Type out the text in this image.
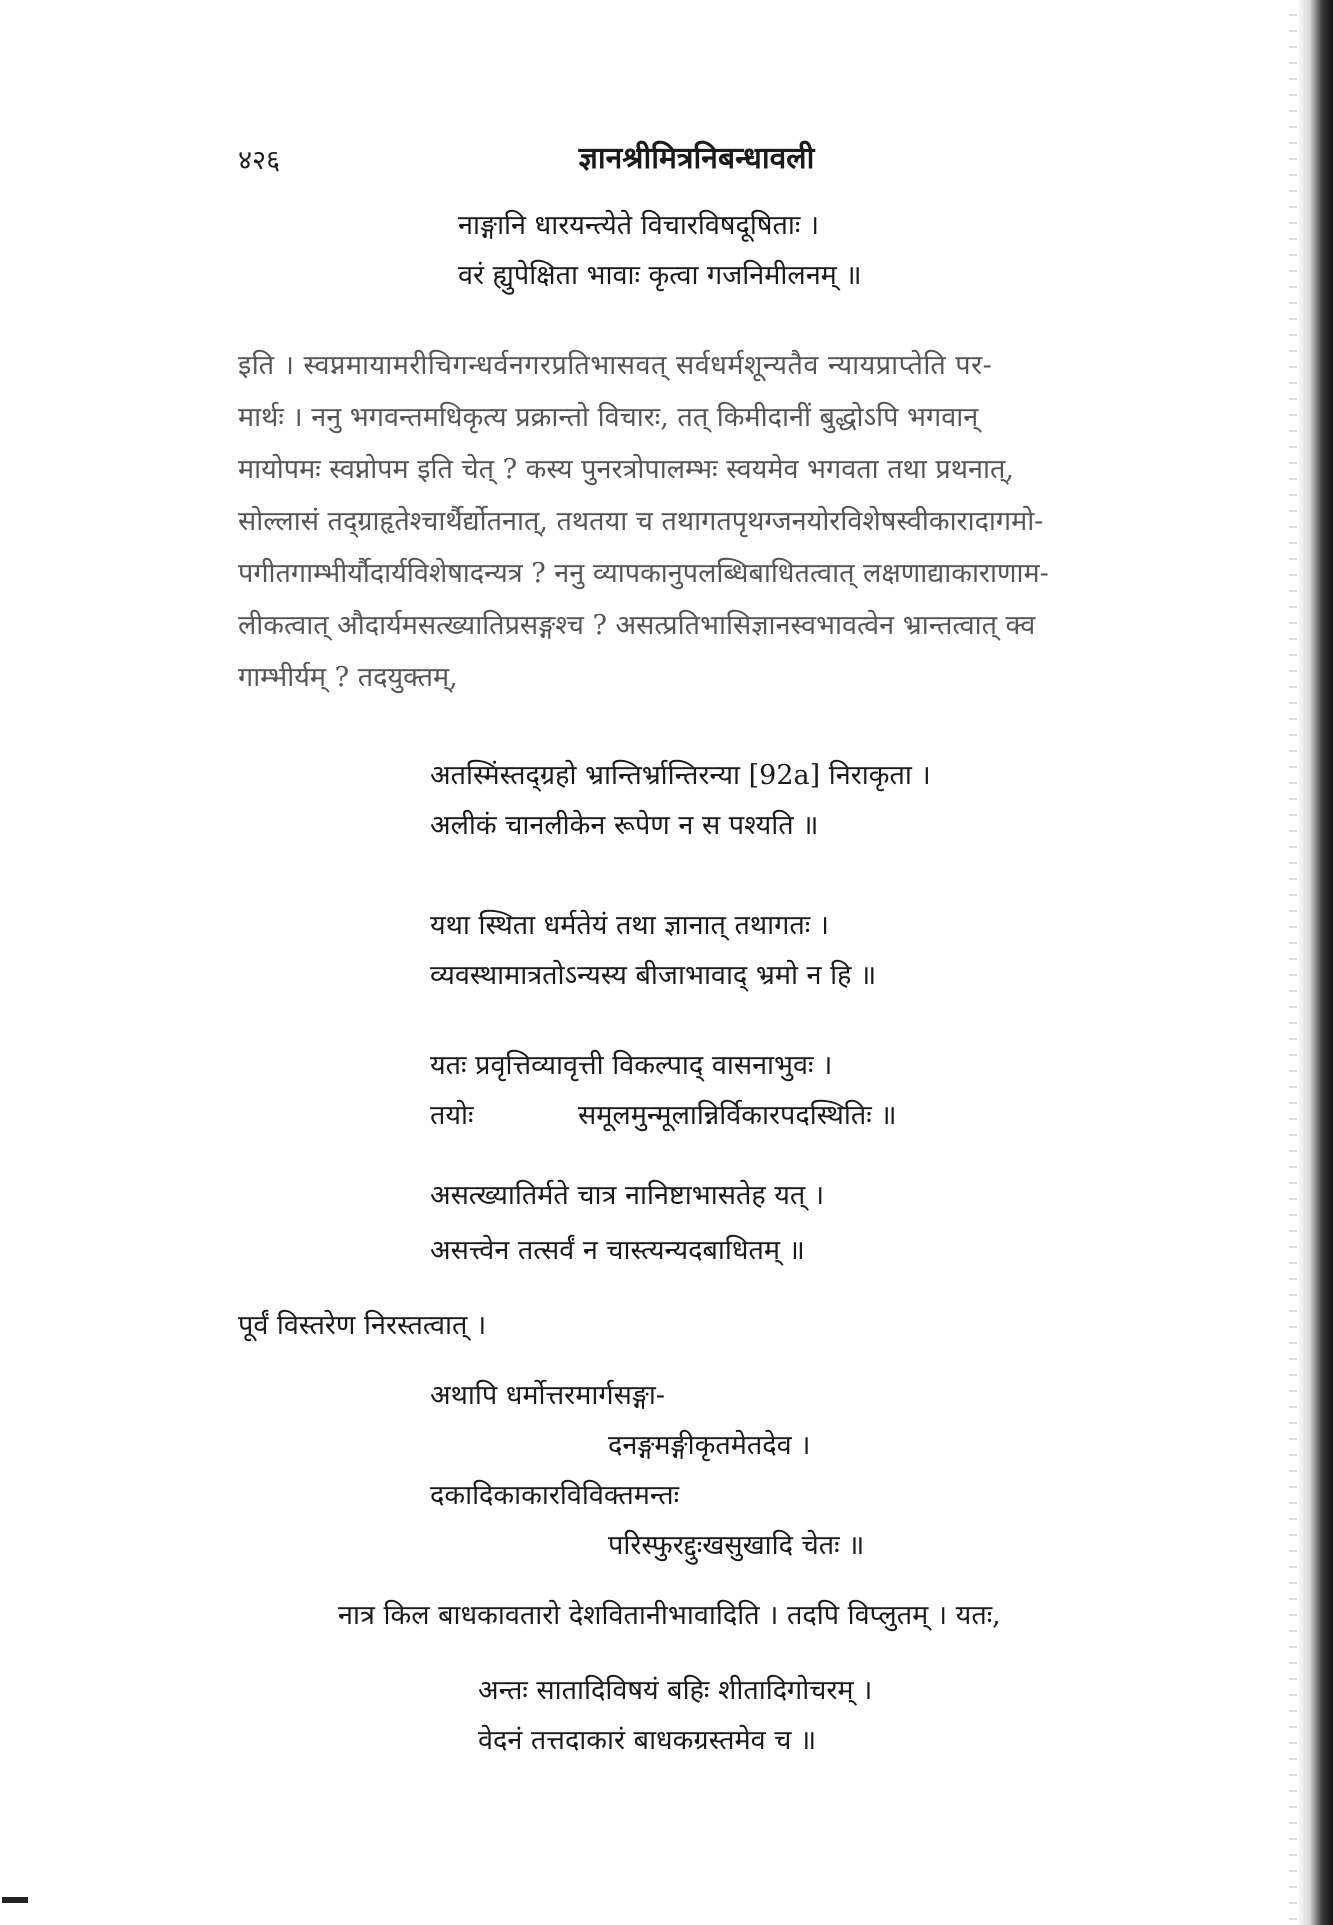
४२६	ज्ञानश्रीमित्रनिबन्धावली
नाङ्गानि धारयन्त्येते विचारविषदूषिताः ।
वरं ह्युपेक्षिता भावाः कृत्वा गजनिमीलनम् ॥
इति । स्वप्नमायामरीचिगन्धर्वनगरप्रतिभासवत् सर्वधर्मशून्यतैव न्यायप्राप्तेति पर-
मार्थः । ननु भगवन्तमधिकृत्य प्रक्रान्तो विचारः, तत् किमीदानीं बुद्धोऽपि भगवान्
मायोपमः स्वप्नोपम इति चेत् ? कस्य पुनरत्रोपालम्भः स्वयमेव भगवता तथा प्रथनात्,
सोल्लासं तद्ग्राहृतेश्चार्थैर्द्योतनात्, तथतया च तथागतपृथग्जनयोरविशेषस्वीकारादागमो-
पगीतगाम्भीर्यौदार्यविशेषादन्यत्र ? ननु व्यापकानुपलब्धिबाधितत्वात् लक्षणाद्याकाराणाम-
लीकत्वात् औदार्यमसत्ख्यातिप्रसङ्गश्च ? असत्प्रतिभासिज्ञानस्वभावत्वेन भ्रान्तत्वात् क्व
गाम्भीर्यम् ? तदयुक्तम्,
अतस्मिंस्तद्ग्रहो भ्रान्तिर्भ्रान्तिरन्या [92a] निराकृता ।
अलीकं चानलीकेन रूपेण न स पश्यति ॥
यथा स्थिता धर्मतेयं तथा ज्ञानात् तथागतः ।
व्यवस्थामात्रतोऽन्यस्य बीजाभावाद् भ्रमो न हि ॥
यतः प्रवृत्तिव्यावृत्ती विकल्पाद् वासनाभुवः ।
तयोः	समूलमुन्मूलान्निर्विकारपदस्थितिः ॥
असत्ख्यातिर्मते चात्र नानिष्टाभासतेह यत् ।
असत्त्वेन तत्सर्वं न चास्त्यन्यदबाधितम् ॥
पूर्वं विस्तरेण निरस्तत्वात् ।
अथापि धर्मोत्तरमार्गसङ्गा-
दनङ्गमङ्गीकृतमेतदेव ।
दकादिकाकारविविक्तमन्तः
परिस्फुरद्दुःखसुखादि चेतः ॥
नात्र किल बाधकावतारो देशवितानीभावादिति । तदपि विप्लुतम् । यतः,
अन्तः सातादिविषयं बहिः शीतादिगोचरम् ।
वेदनं तत्तदाकारं बाधकग्रस्तमेव च ॥
